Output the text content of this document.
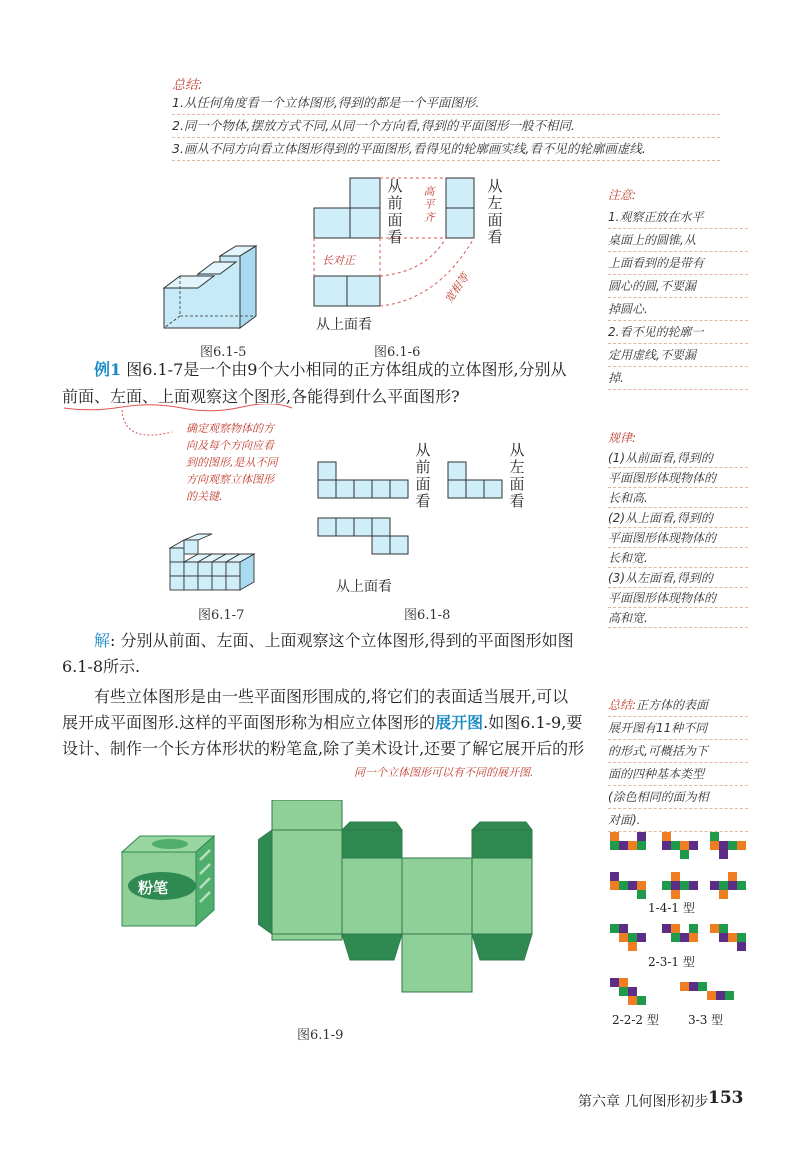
总结:
1.从任何角度看一个立体图形,得到的都是一个平面图形.
2.同一个物体,摆放方式不同,从同一个方向看,得到的平面图形一般不相同.
3.画从不同方向看立体图形得到的平面图形,看得见的轮廓画实线,看不见的轮廓画虚线.
图6.1-5
从前面看
从左面看
高平齐
长对正
宽相等
从上面看
图6.1-6
注意:
1.观察正放在水平
桌面上的圆锥,从
上面看到的是带有
圆心的圆,不要漏
掉圆心.
2.看不见的轮廓一
定用虚线,不要漏
掉.
例1 图6.1-7是一个由9个大小相同的正方体组成的立体图形,分别从
前面、左面、上面观察这个图形,各能得到什么平面图形?
确定观察物体的方
向及每个方向应看
到的图形,是从不同
方向观察立体图形
的关键.
规律:
(1)从前面看,得到的
平面图形体现物体的
长和高.
(2)从上面看,得到的
平面图形体现物体的
长和宽.
(3)从左面看,得到的
平面图形体现物体的
高和宽.
图6.1-7
从前面看
从左面看
从上面看
图6.1-8
解: 分别从前面、左面、上面观察这个立体图形,得到的平面图形如图
6.1-8所示.
有些立体图形是由一些平面图形围成的,将它们的表面适当展开,可以
展开成平面图形.这样的平面图形称为相应立体图形的展开图.如图6.1-9,要
设计、制作一个长方体形状的粉笔盒,除了美术设计,还要了解它展开后的形
同一个立体图形可以有不同的展开图.
总结:正方体的表面
展开图有11种不同
的形式,可概括为下
面的四种基本类型
(涂色相同的面为相
对面).
1-4-1 型
2-3-1 型
2-2-2 型 3-3 型
粉笔
图6.1-9
第六章 几何图形初步 153
